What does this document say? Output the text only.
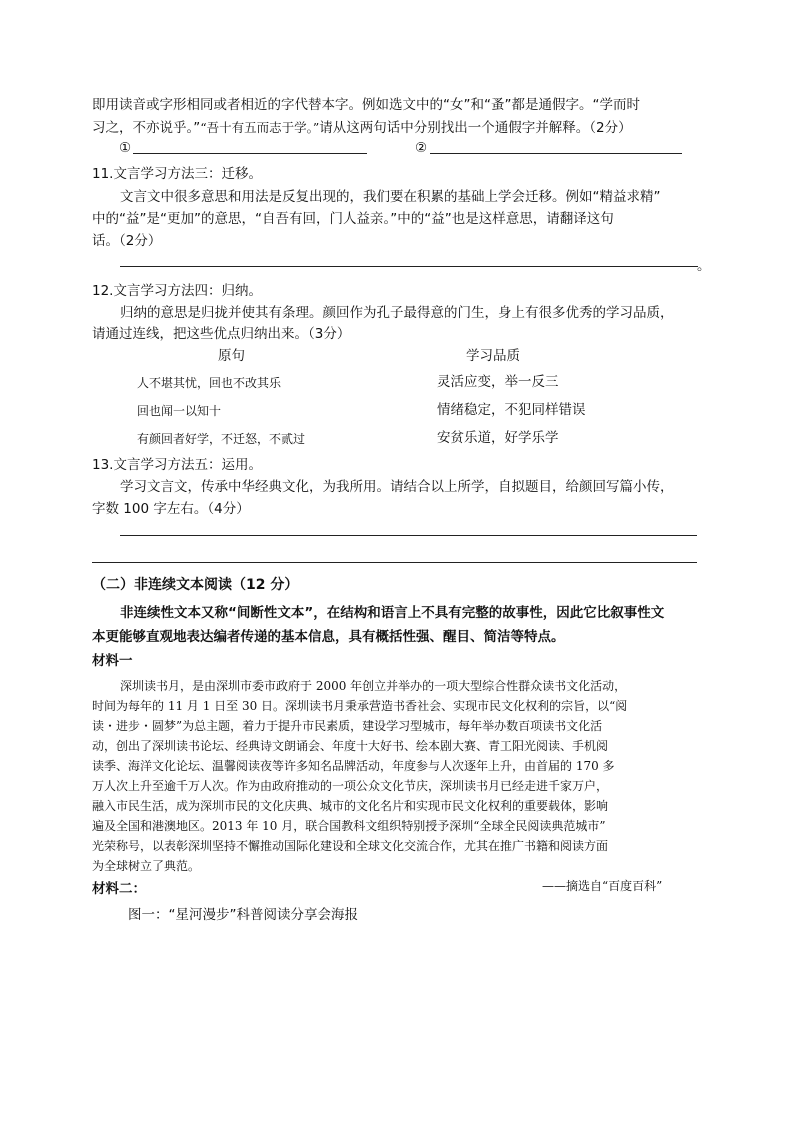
即用读音或字形相同或者相近的字代替本字。例如选文中的“女”和“蚤”都是通假字。“学而时
习之，不亦说乎。”“吾十有五而志于学。”请从这两句话中分别找出一个通假字并解释。（2分）
①	②
11.文言学习方法三：迁移。
文言文中很多意思和用法是反复出现的，我们要在积累的基础上学会迁移。例如“精益求精”
中的“益”是“更加”的意思，“自吾有回，门人益亲。”中的“益”也是这样意思，请翻译这句
话。（2分）
。
12.文言学习方法四：归纳。
归纳的意思是归拢并使其有条理。颜回作为孔子最得意的门生，身上有很多优秀的学习品质，
请通过连线，把这些优点归纳出来。（3分）
原句	学习品质
人不堪其忧，回也不改其乐
回也闻一以知十
有颜回者好学，不迁怒，不贰过
灵活应变，举一反三
情绪稳定，不犯同样错误
安贫乐道，好学乐学
13.文言学习方法五：运用。
学习文言文，传承中华经典文化，为我所用。请结合以上所学，自拟题目，给颜回写篇小传，
字数 100 字左右。（4分）
（二）非连续文本阅读（12 分）
非连续性文本又称“间断性文本”，在结构和语言上不具有完整的故事性，因此它比叙事性文
本更能够直观地表达编者传递的基本信息，具有概括性强、醒目、简洁等特点。
材料一
深圳读书月，是由深圳市委市政府于 2000 年创立并举办的一项大型综合性群众读书文化活动，
时间为每年的 11 月 1 日至 30 日。深圳读书月秉承营造书香社会、实现市民文化权利的宗旨，以“阅
读・进步・圆梦”为总主题，着力于提升市民素质，建设学习型城市，每年举办数百项读书文化活
动，创出了深圳读书论坛、经典诗文朗诵会、年度十大好书、绘本剧大赛、青工阳光阅读、手机阅
读季、海洋文化论坛、温馨阅读夜等许多知名品牌活动，年度参与人次逐年上升，由首届的 170 多
万人次上升至逾千万人次。作为由政府推动的一项公众文化节庆，深圳读书月已经走进千家万户，
融入市民生活，成为深圳市民的文化庆典、城市的文化名片和实现市民文化权利的重要载体，影响
遍及全国和港澳地区。2013 年 10 月，联合国教科文组织特别授予深圳“全球全民阅读典范城市”
光荣称号，以表彰深圳坚持不懈推动国际化建设和全球文化交流合作，尤其在推广书籍和阅读方面
为全球树立了典范。
——摘选自“百度百科”
材料二：
图一：“星河漫步”科普阅读分享会海报
